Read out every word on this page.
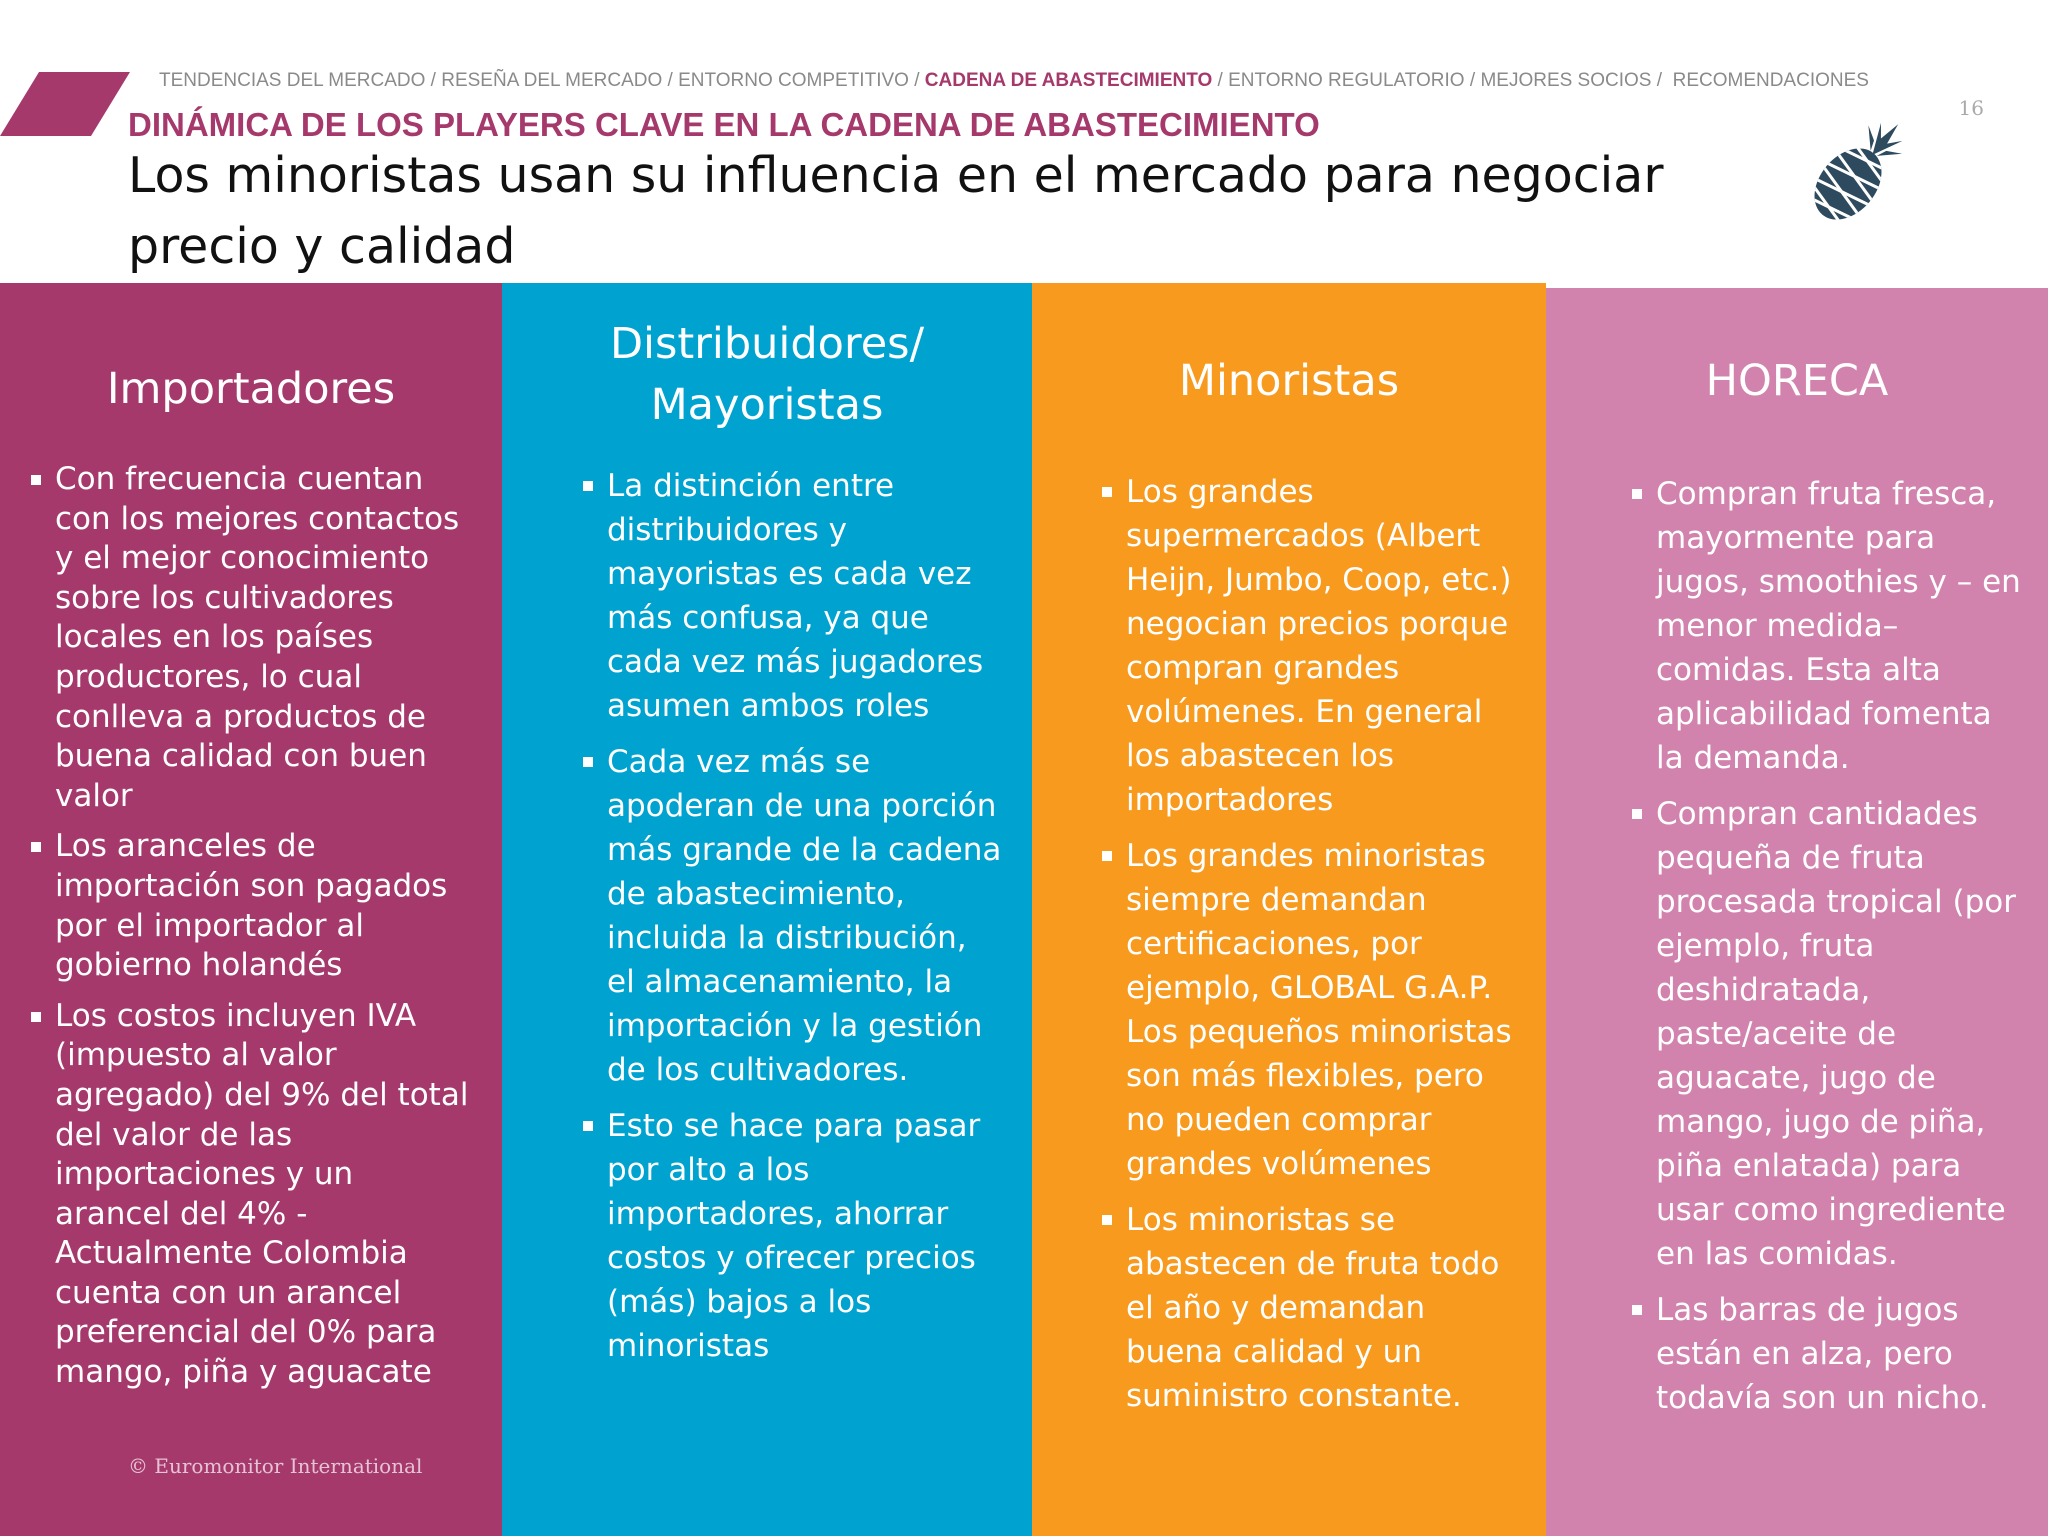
TENDENCIAS DEL MERCADO / RESEÑA DEL MERCADO / ENTORNO COMPETITIVO / CADENA DE ABASTECIMIENTO / ENTORNO REGULATORIO / MEJORES SOCIOS /  RECOMENDACIONES
16
DINÁMICA DE LOS PLAYERS CLAVE EN LA CADENA DE ABASTECIMIENTO
Los minoristas usan su influencia en el mercado para negociar precio y calidad
Importadores
Con frecuencia cuentan con los mejores contactos y el mejor conocimiento sobre los cultivadores locales en los países productores, lo cual conlleva a productos de buena calidad con buen valor
Los aranceles de importación son pagados por el importador al gobierno holandés
Los costos incluyen IVA (impuesto al valor agregado) del 9% del total del valor de las importaciones y un arancel del 4% - Actualmente Colombia cuenta con un arancel preferencial del 0% para mango, piña y aguacate
© Euromonitor International
Distribuidores/
Mayoristas
La distinción entre distribuidores y mayoristas es cada vez más confusa, ya que cada vez más jugadores asumen ambos roles
Cada vez más se apoderan de una porción más grande de la cadena de abastecimiento, incluida la distribución, el almacenamiento, la importación y la gestión de los cultivadores.
Esto se hace para pasar por alto a los importadores, ahorrar costos y ofrecer precios (más) bajos a los minoristas
Minoristas
Los grandes supermercados (Albert Heijn, Jumbo, Coop, etc.) negocian precios porque compran grandes volúmenes. En general los abastecen los importadores
Los grandes minoristas siempre demandan certificaciones, por ejemplo, GLOBAL G.A.P. Los pequeños minoristas son más flexibles, pero no pueden comprar grandes volúmenes
Los minoristas se abastecen de fruta todo el año y demandan buena calidad y un suministro constante.
HORECA
Compran fruta fresca, mayormente para jugos, smoothies y – en menor medida– comidas. Esta alta aplicabilidad fomenta la demanda.
Compran cantidades pequeña de fruta procesada tropical (por ejemplo, fruta deshidratada, paste/aceite de aguacate, jugo de mango, jugo de piña, piña enlatada) para usar como ingrediente en las comidas.
Las barras de jugos están en alza, pero todavía son un nicho.
